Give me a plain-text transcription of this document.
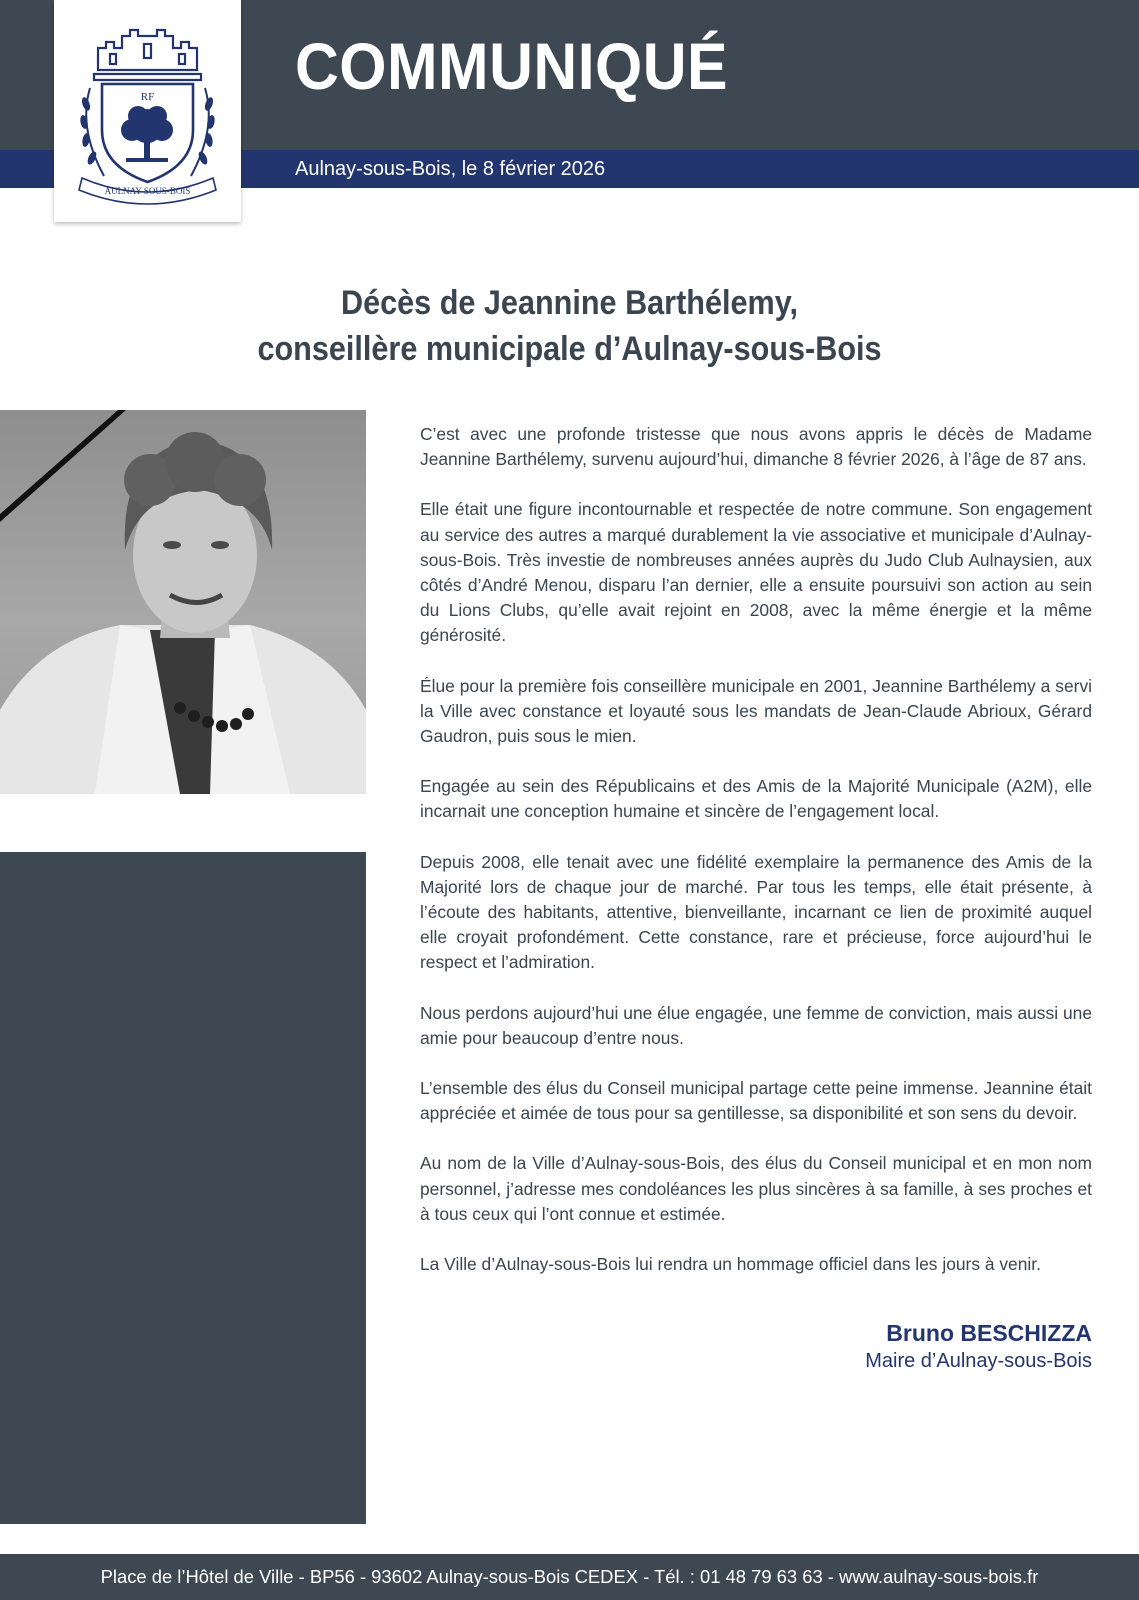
COMMUNIQUÉ
Aulnay-sous-Bois, le 8 février 2026
RF
AULNAY-SOUS-BOIS
Décès de Jeannine Barthélemy,
conseillère municipale d’Aulnay-sous-Bois

C’est avec une profonde tristesse que nous avons appris le décès de Madame Jeannine Barthélemy, survenu aujourd’hui, dimanche 8 février 2026, à l’âge de 87 ans.

Elle était une figure incontournable et respectée de notre commune. Son engagement au service des autres a marqué durablement la vie associative et municipale d’Aulnay-sous-Bois. Très investie de nombreuses années auprès du Judo Club Aulnaysien, aux côtés d’André Menou, disparu l’an dernier, elle a ensuite poursuivi son action au sein du Lions Clubs, qu’elle avait rejoint en 2008, avec la même énergie et la même générosité.

Élue pour la première fois conseillère municipale en 2001, Jeannine Barthélemy a servi la Ville avec constance et loyauté sous les mandats de Jean-Claude Abrioux, Gérard Gaudron, puis sous le mien.

Engagée au sein des Républicains et des Amis de la Majorité Municipale (A2M), elle incarnait une conception humaine et sincère de l’engagement local.

Depuis 2008, elle tenait avec une fidélité exemplaire la permanence des Amis de la Majorité lors de chaque jour de marché. Par tous les temps, elle était présente, à l’écoute des habitants, attentive, bienveillante, incarnant ce lien de proximité auquel elle croyait profondément. Cette constance, rare et précieuse, force aujourd’hui le respect et l’admiration.

Nous perdons aujourd’hui une élue engagée, une femme de conviction, mais aussi une amie pour beaucoup d’entre nous.

L’ensemble des élus du Conseil municipal partage cette peine immense. Jeannine était appréciée et aimée de tous pour sa gentillesse, sa disponibilité et son sens du devoir.

Au nom de la Ville d’Aulnay-sous-Bois, des élus du Conseil municipal et en mon nom personnel, j’adresse mes condoléances les plus sincères à sa famille, à ses proches et à tous ceux qui l’ont connue et estimée.

La Ville d’Aulnay-sous-Bois lui rendra un hommage officiel dans les jours à venir.

Bruno BESCHIZZA
Maire d’Aulnay-sous-Bois
Place de l’Hôtel de Ville - BP56 - 93602 Aulnay-sous-Bois CEDEX - Tél. : 01 48 79 63 63 - www.aulnay-sous-bois.fr
